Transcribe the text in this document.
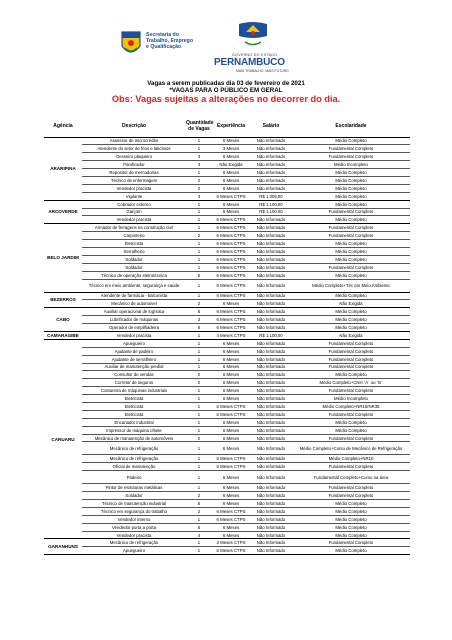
Secretaria do
Trabalho, Emprego
e Qualificação
GOVERNO DO ESTADO
PERNAMBUCO
MAIS TRABALHO, MAIS FUTURO
Vagas a serem publicadas dia 03 de fevereiro de 2021
*VAGAS PARA O PÚBLICO EM GERAL
Obs: Vagas sujeitas a alterações no decorrer do dia.
Agência	Descrição	Quantidade de Vagas	Experiência	Salário	Escolaridade
ARARIPINA	Assessor de microcrédito	1	6 Meses	Não Informado	Médio Completo
	Atendente do setor de frios e laticínios	1	3 Meses	Não Informado	Fundamental Completo
	Gesseiro plaqueiro	3	6 Meses	Não Informado	Fundamental Completo
	Panificador	3	Não Exigida	Não Informado	Médio Incompleto
	Repositor de mercadorias	1	6 Meses	Não Informado	Médio Completo
	Técnico de enfermagem	2	6 Meses	Não Informado	Médio Completo
	Vendedor pracista	2	6 Meses	Não Informado	Médio Completo
	Vigilante	3	6 Meses CTPS	R$ 1.305,00	Médio Completo
ARCOVERDE	Cobrador externo	1	6 Meses	R$ 1.100,00	Médio Completo
	Garçom	1	6 Meses	R$ 1.100,00	Fundamental Completo
	Vendedor pracista	1	6 Meses CTPS	Não Informado	Médio Completo
BELO JARDIM	Armador de ferragens na construção civil	1	6 Meses CTPS	Não Informado	Fundamental Completo
	Carpinteiro	2	6 Meses CTPS	Não Informado	Fundamental Completo
	Eletricista	1	6 Meses CTPS	Não Informado	Médio Completo
	Serralheiro	1	6 Meses CTPS	Não Informado	Médio Completo
	Soldador	1	6 Meses CTPS	Não Informado	Médio Completo
	Soldador	1	6 Meses CTPS	Não Informado	Fundamental Completo
	Técnico de operação eletrotécnica	5	6 Meses CTPS	Não Informado	Médio Completo
	Técnico em meio ambiente, segurança e saúde	1	6 Meses CTPS	Não Informado	Médio Completo+Téc em Meio Ambiente
BEZERROS	Atendente de farmácia - balconista	1	6 Meses CTPS	Não Informado	Médio Completo
	Mecânico de automóvel	2	6 Meses	Não Informado	Não Exigida
CABO	Auxiliar operacional de logística	5	6 Meses CTPS	Não Informado	Médio Completo
	Lubrificador de máquinas	3	6 Meses CTPS	Não Informado	Médio Completo
	Operador de empilhadeira	5	6 Meses CTPS	Não Informado	Médio Completo
CAMARAGIBE	Vendedor pracista	1	4 Meses CTPS	R$ 1.100,00	Não Exigida
CARUARU	Apuegueiro	1	6 Meses	Não Informado	Fundamental Completo
	Ajudante de padeiro	1	6 Meses	Não Informado	Fundamental Completo
	Ajudante de serralheiro	1	6 Meses	Não Informado	Fundamental Completo
	Auxiliar de manutenção predial	1	6 Meses	Não Informado	Fundamental Completo
	Consultor de vendas	2	6 Meses	Não Informado	Médio Completo
	Corretor de seguros	2	6 Meses	Não Informado	Médio Completo+CNH `A` ou `B`
	Costureira de máquinas industriais	1	6 Meses	Não Informado	Fundamental Completo
	Eletricista	1	6 Meses	Não Informado	Médio Incompleto
	Eletricista	1	6 Meses CTPS	Não Informado	Médio Completo+NR10/NR35
	Eletricista	1	6 Meses CTPS	Não Informado	Fundamental Completo
	Encanador industrial	1	6 Meses	Não Informado	Médio Completo
	Impressor de máquina ofsete	1	6 Meses	Não Informado	Médio Completo
	Mecânico de manutenção de automóveis	2	6 Meses	Não Informado	Fundamental Completo
	Mecânico de refrigeração	1	6 Meses	Não Informado	Médio Completo+Curso de Mecânico de Refrigeração
	Mecânico de refrigeração	1	6 Meses CTPS	Não Informado	Médio Completo+NR10
	Oficial de manutenção	1	6 Meses CTPS	Não Informado	Fundamental Completo
	Padeiro	1	6 Meses	Não Informado	Fundamental Completo+Curso na área
	Pintor de estruturas metálicas	1	6 Meses	Não Informado	Fundamental Completo
	Soldador	2	6 Meses	Não Informado	Fundamental Completo
	Técnico de manutenção industrial	5	6 Meses	Não Informado	Médio Completo
	Técnico em segurança do trabalho	2	6 Meses CTPS	Não Informado	Médio Completo
	Vendedor interno	1	6 Meses CTPS	Não Informado	Médio Completo
	Vendedor porta a porta	5	6 Meses	Não Informado	Médio Completo
	Vendedor pracista	4	6 Meses	Não Informado	Médio Completo
GARANHUNS	Mecânico de refrigeração	1	3 Meses CTPS	Não Informado	Fundamental Completo
	Apuegueiro	1	6 Meses CTPS	Não Informado	Médio Completo
